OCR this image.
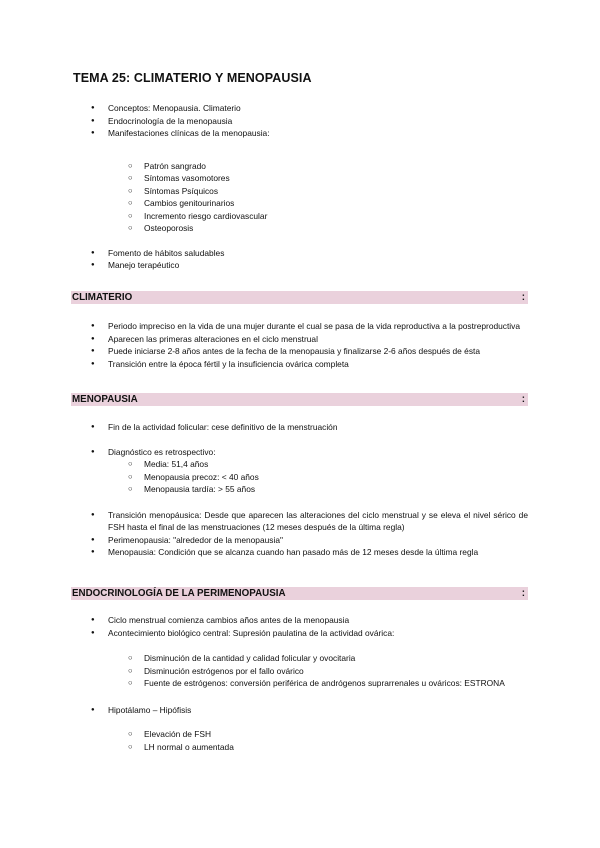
TEMA 25: CLIMATERIO Y MENOPAUSIA
● Conceptos: Menopausia. Climaterio
● Endocrinología de la menopausia
● Manifestaciones clínicas de la menopausia:
○ Patrón sangrado
○ Síntomas vasomotores
○ Síntomas Psíquicos
○ Cambios genitourinarios
○ Incremento riesgo cardiovascular
○ Osteoporosis
● Fomento de hábitos saludables
● Manejo terapéutico
CLIMATERIO	:
● Periodo impreciso en la vida de una mujer durante el cual se pasa de la vida reproductiva a la postreproductiva
● Aparecen las primeras alteraciones en el ciclo menstrual
● Puede iniciarse 2-8 años antes de la fecha de la menopausia y finalizarse 2-6 años después de ésta
● Transición entre la época fértil y la insuficiencia ovárica completa
MENOPAUSIA	:
● Fin de la actividad folicular: cese definitivo de la menstruación
● Diagnóstico es retrospectivo:
○ Media: 51,4 años
○ Menopausia precoz: < 40 años
○ Menopausia tardía: > 55 años
● Transición menopáusica: Desde que aparecen las alteraciones del ciclo menstrual y se eleva el nivel sérico de FSH hasta el final de las menstruaciones (12 meses después de la última regla)
● Perimenopausia: "alrededor de la menopausia"
● Menopausia: Condición que se alcanza cuando han pasado más de 12 meses desde la última regla
ENDOCRINOLOGÍA DE LA PERIMENOPAUSIA	:
● Ciclo menstrual comienza cambios años antes de la menopausia
● Acontecimiento biológico central: Supresión paulatina de la actividad ovárica:
○ Disminución de la cantidad y calidad folicular y ovocitaria
○ Disminución estrógenos por el fallo ovárico
○ Fuente de estrógenos: conversión periférica de andrógenos suprarrenales u ováricos: ESTRONA
● Hipotálamo – Hipófisis
○ Elevación de FSH
○ LH normal o aumentada
